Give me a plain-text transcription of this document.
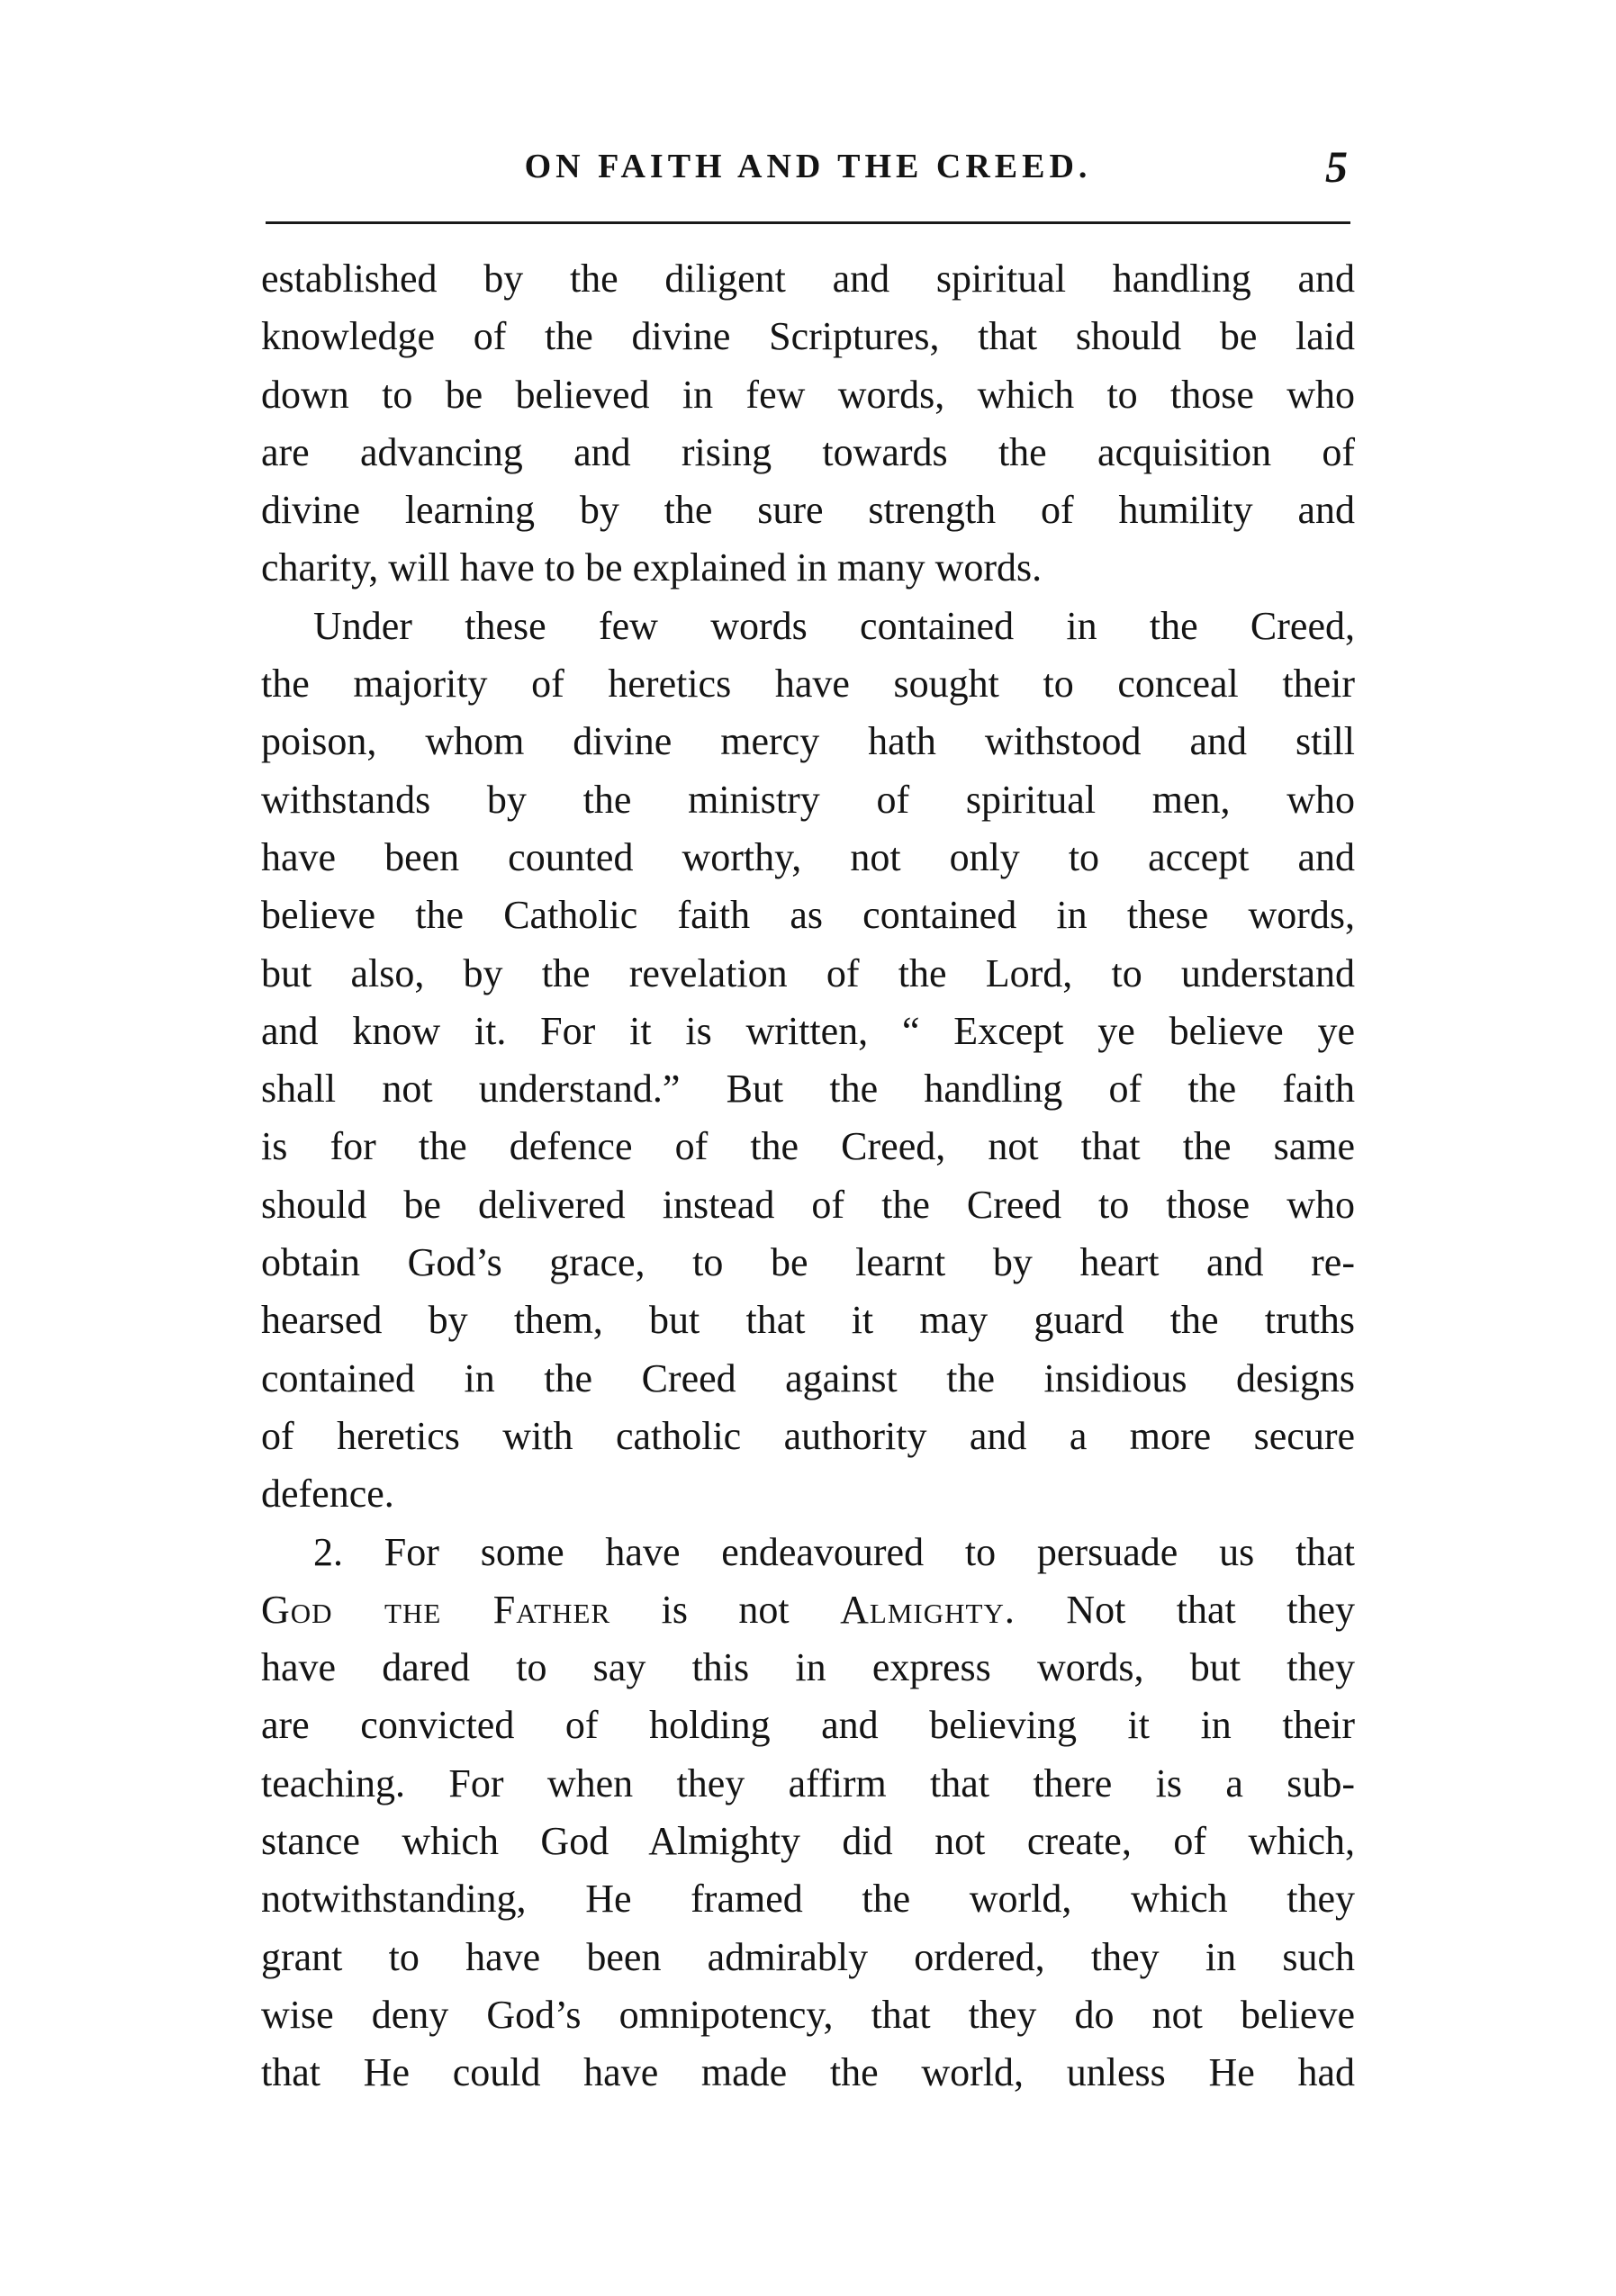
ON FAITH AND THE CREED.	5
established by the diligent and spiritual handling and
knowledge of the divine Scriptures, that should be laid
down to be believed in few words, which to those who
are advancing and rising towards the acquisition of
divine learning by the sure strength of humility and
charity, will have to be explained in many words.
Under these few words contained in the Creed,
the majority of heretics have sought to conceal their
poison, whom divine mercy hath withstood and still
withstands by the ministry of spiritual men, who
have been counted worthy, not only to accept and
believe the Catholic faith as contained in these words,
but also, by the revelation of the Lord, to understand
and know it. For it is written, “ Except ye believe ye
shall not understand.” But the handling of the faith
is for the defence of the Creed, not that the same
should be delivered instead of the Creed to those who
obtain God’s grace, to be learnt by heart and re-
hearsed by them, but that it may guard the truths
contained in the Creed against the insidious designs
of heretics with catholic authority and a more secure
defence.
2. For some have endeavoured to persuade us that
God the Father is not Almighty. Not that they
have dared to say this in express words, but they
are convicted of holding and believing it in their
teaching. For when they affirm that there is a sub-
stance which God Almighty did not create, of which,
notwithstanding, He framed the world, which they
grant to have been admirably ordered, they in such
wise deny God’s omnipotency, that they do not believe
that He could have made the world, unless He had
